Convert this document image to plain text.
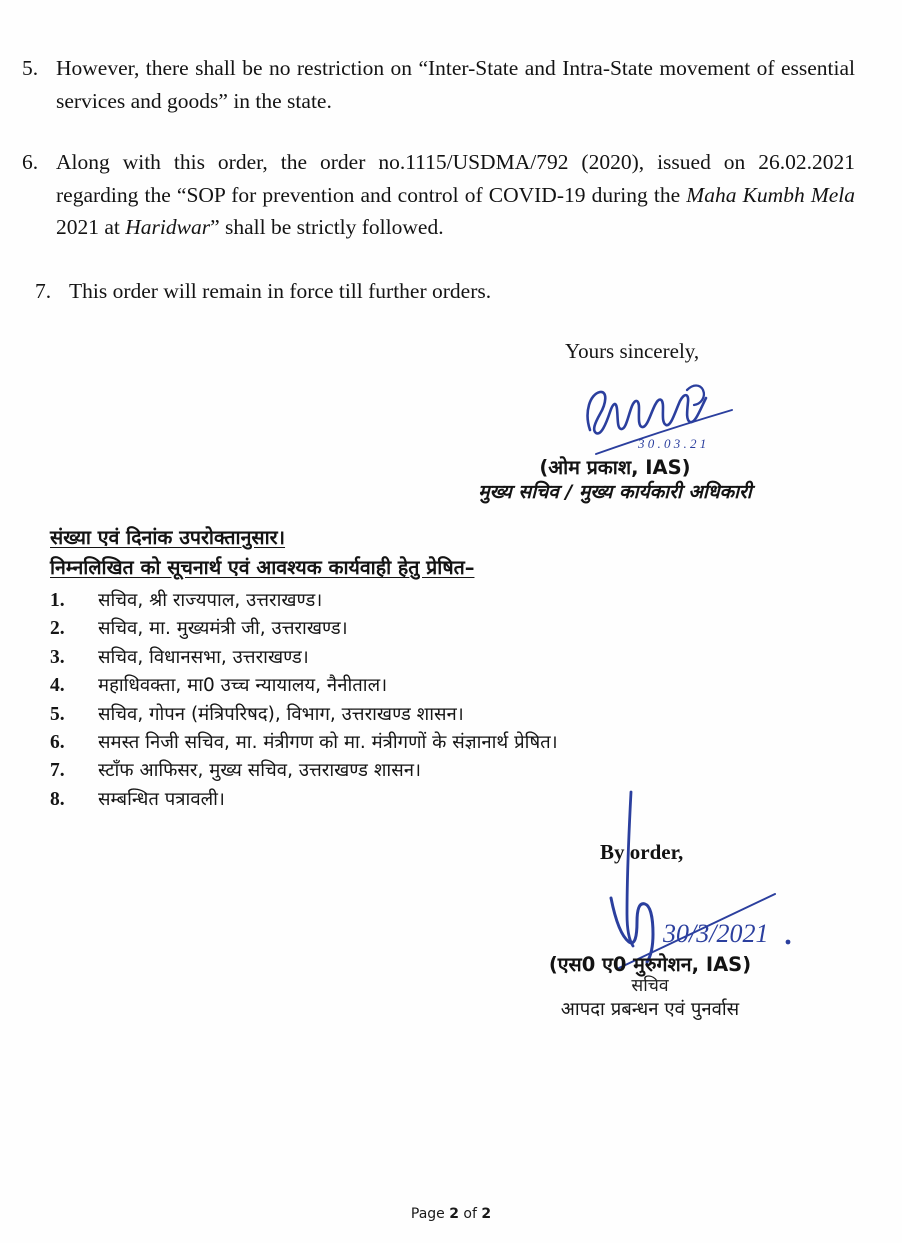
5. However, there shall be no restriction on “Inter-State and Intra-State movement of essential services and goods” in the state.
6. Along with this order, the order no.1115/USDMA/792 (2020), issued on 26.02.2021 regarding the “SOP for prevention and control of COVID-19 during the Maha Kumbh Mela 2021 at Haridwar” shall be strictly followed.
7. This order will remain in force till further orders.
Yours sincerely,
3 0 . 0 3 . 2 1
(ओम प्रकाश, IAS)
मुख्य सचिव / मुख्य कार्यकारी अधिकारी
संख्या एवं दिनांक उपरोक्तानुसार।
निम्नलिखित को सूचनार्थ एवं आवश्यक कार्यवाही हेतु प्रेषित–
1.	सचिव, श्री राज्यपाल, उत्तराखण्ड।
2.	सचिव, मा. मुख्यमंत्री जी, उत्तराखण्ड।
3.	सचिव, विधानसभा, उत्तराखण्ड।
4.	महाधिवक्ता, मा0 उच्च न्यायालय, नैनीताल।
5.	सचिव, गोपन (मंत्रिपरिषद), विभाग, उत्तराखण्ड शासन।
6.	समस्त निजी सचिव, मा. मंत्रीगण को मा. मंत्रीगणों के संज्ञानार्थ प्रेषित।
7.	स्टाँफ आफिसर, मुख्य सचिव, उत्तराखण्ड शासन।
8.	सम्बन्धित पत्रावली।
By order,
30/3/2021
(एस0 ए0 मुरुगेशन, IAS)
सचिव
आपदा प्रबन्धन एवं पुनर्वास
Page 2 of 2
